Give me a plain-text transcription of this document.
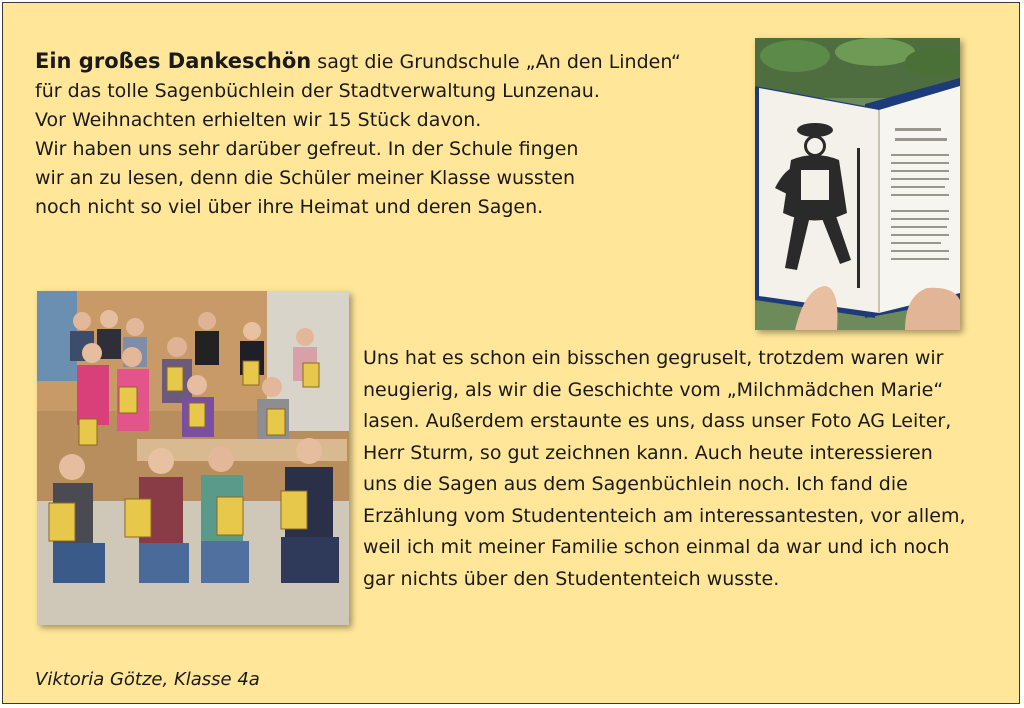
Ein großes Dankeschön sagt die Grundschule „An den Linden“
für das tolle Sagenbüchlein der Stadtverwaltung Lunzenau.
Vor Weihnachten erhielten wir 15 Stück davon.
Wir haben uns sehr darüber gefreut. In der Schule fingen
wir an zu lesen, denn die Schüler meiner Klasse wussten
noch nicht so viel über ihre Heimat und deren Sagen.

Uns hat es schon ein bisschen gegruselt, trotzdem waren wir
neugierig, als wir die Geschichte vom „Milchmädchen Marie“
lasen. Außerdem erstaunte es uns, dass unser Foto AG Leiter,
Herr Sturm, so gut zeichnen kann. Auch heute interessieren
uns die Sagen aus dem Sagenbüchlein noch. Ich fand die
Erzählung vom Studententeich am interessantesten, vor allem,
weil ich mit meiner Familie schon einmal da war und ich noch
gar nichts über den Studententeich wusste.

Viktoria Götze, Klasse 4a
